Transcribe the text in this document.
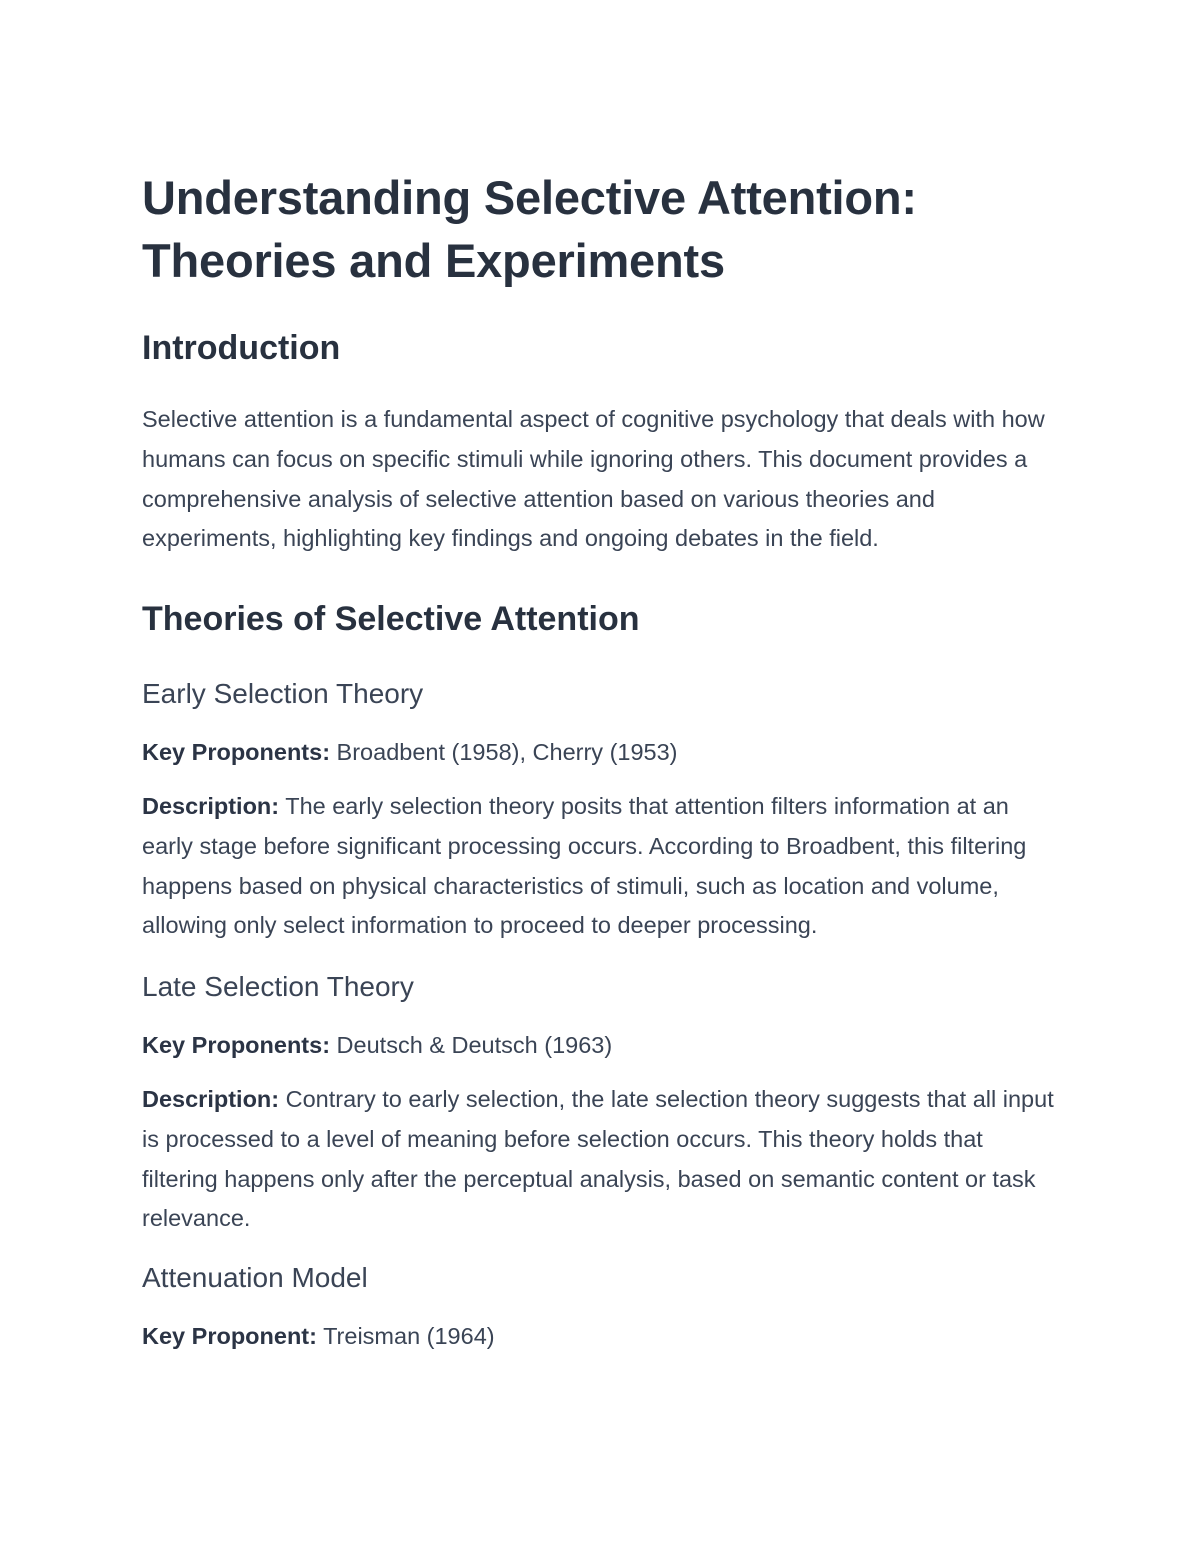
Understanding Selective Attention:
Theories and Experiments
Introduction

Selective attention is a fundamental aspect of cognitive psychology that deals with how humans can focus on specific stimuli while ignoring others. This document provides a comprehensive analysis of selective attention based on various theories and experiments, highlighting key findings and ongoing debates in the field.

Theories of Selective Attention
Early Selection Theory

Key Proponents: Broadbent (1958), Cherry (1953)

Description: The early selection theory posits that attention filters information at an early stage before significant processing occurs. According to Broadbent, this filtering happens based on physical characteristics of stimuli, such as location and volume, allowing only select information to proceed to deeper processing.

Late Selection Theory

Key Proponents: Deutsch & Deutsch (1963)

Description: Contrary to early selection, the late selection theory suggests that all input is processed to a level of meaning before selection occurs. This theory holds that filtering happens only after the perceptual analysis, based on semantic content or task relevance.

Attenuation Model

Key Proponent: Treisman (1964)
